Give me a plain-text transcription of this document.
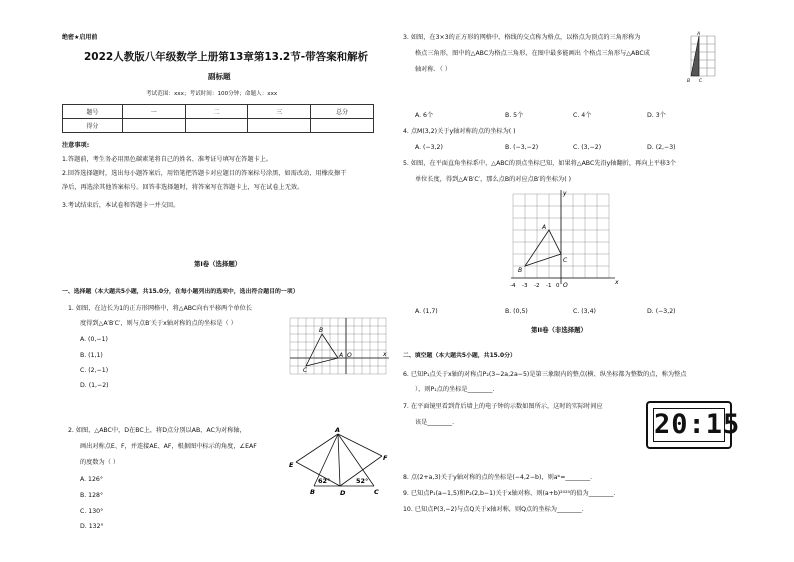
绝密★启用前
2022人教版八年级数学上册第13章第13.2节-带答案和解析
副标题
考试范围：xxx；考试时间：100分钟；命题人：xxx
题号	一	二	三	总分
得分				
注意事项:
1.答题前，考生务必用黑色碳素笔将自己的姓名、准考证号填写在答题卡上。
2.回答选择题时，选出每小题答案后，用铅笔把答题卡对应题目的答案标号涂黑，如需改动，用橡皮擦干
净后，再选涂其他答案标号。回答非选择题时，将答案写在答题卡上，写在试卷上无效。
3.考试结束后，本试卷和答题卡一并交回。
第I卷（选择题）
一、选择题（本大题共5小题，共15.0分，在每小题列出的选项中，选出符合题目的一项）
1. 如图，在边长为1的正方形网格中，将△ABC向右平移两个单位长
度得到△A′B′C′，则与点B′关于x轴对称的点的坐标是（ ）
A. (0,−1)
B. (1,1)
C. (2,−1)
D. (1,−2)
B
A O
C
x
2. 如图，△ABC中，D在BC上，将D点分别以AB、AC为对称轴，
画出对称点E、F，并连接AE、AF，根据图中标示的角度，∠EAF
的度数为（ ）
A. 126°
B. 128°
C. 130°
D. 132°
A
E
F
B	D	C
62°	52°
3. 如图，在3×3的正方形的网格中，格线的交点称为格点，以格点为顶点的三角形称为
格点三角形，图中的△ABC为格点三角形，在图中最多能画出 个格点三角形与△ABC成
轴对称．（ ）
A. 6个	B. 5个	C. 4个	D. 3个
A
B C
4. 点M(3,2)关于y轴对称的点的坐标为( )
A. (−3,2)	B. (−3,−2)	C. (3,−2)	D. (2,−3)
5. 如图，在平面直角坐标系中，△ABC的顶点坐标已知，如果将△ABC先沿y轴翻折，再向上平移3个
单位长度，得到△A′B′C′，那么点B的对应点B′的坐标为( )
A
B
C
y
x
O
-4 -3 -2 -1 0
A. (1,7)	B. (0,5)	C. (3,4)	D. (−3,2)
第II卷（非选择题）
二、填空题（本大题共5小题，共15.0分）
6. 已知P₁点关于x轴的对称点P₂(3−2a,2a−5)是第三象限内的整点(横、纵坐标都为整数的点，称为整点
），则P₁点的坐标是________.
7. 在平面镜里看到背后墙上的电子钟的示数如图所示，这时的实际时间应
该是________.
8. 点(2+a,3)关于y轴对称的点的坐标是(−4,2−b)，则aᵇ=________.
9. 已知点P₁(a−1,5)和P₂(2,b−1)关于x轴对称，则(a+b)²⁰²⁰的值为________.
10. 已知点P(3,−2)与点Q关于x轴对称，则Q点的坐标为________.
20:15
